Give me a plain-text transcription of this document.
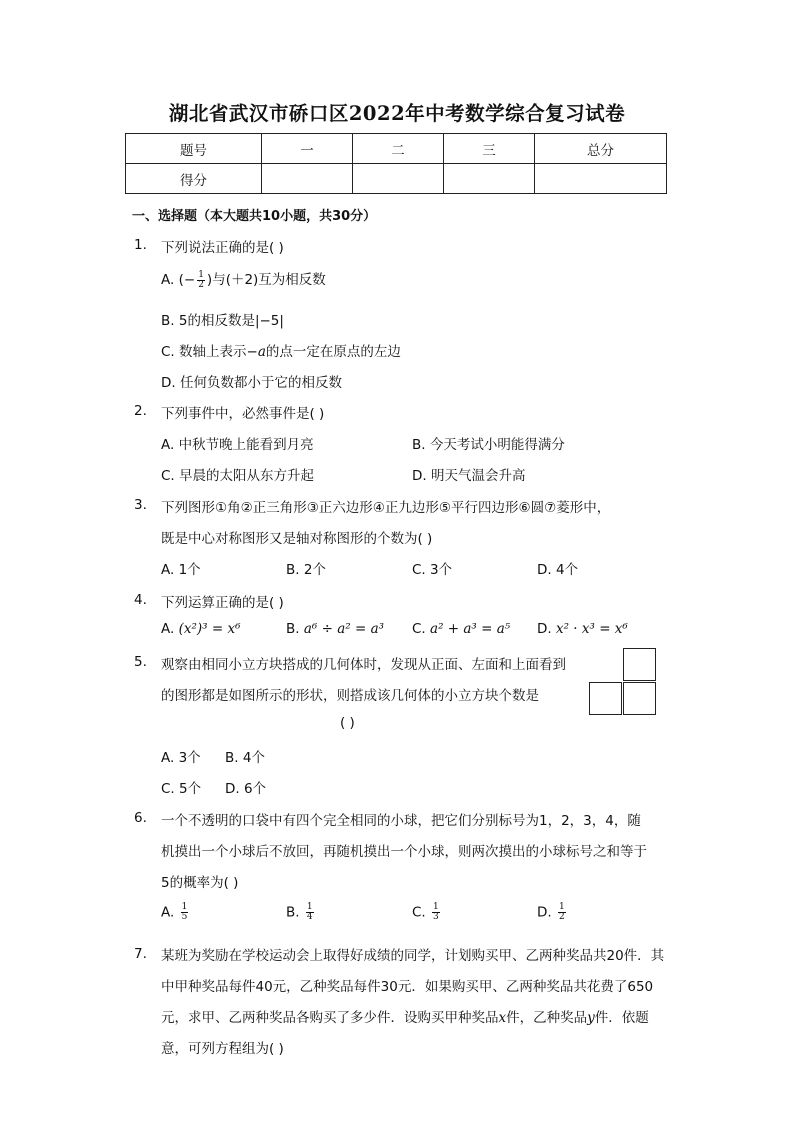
湖北省武汉市硚口区2022年中考数学综合复习试卷
题号	一	二	三	总分
得分				
一、选择题（本大题共10小题，共30分）
1. 下列说法正确的是( )
A. (− $\frac{1}{2}$ )与(＋2)互为相反数
B. 5的相反数是|−5|
C. 数轴上表示−a的点一定在原点的左边
D. 任何负数都小于它的相反数
2. 下列事件中，必然事件是( )
A. 中秋节晚上能看到月亮	B. 今天考试小明能得满分
C. 早晨的太阳从东方升起	D. 明天气温会升高
3. 下列图形①角②正三角形③正六边形④正九边形⑤平行四边形⑥圆⑦菱形中，
既是中心对称图形又是轴对称图形的个数为( )
A. 1个	B. 2个	C. 3个	D. 4个
4. 下列运算正确的是( )
A. (x²)³ = x⁶	B. a⁶ ÷ a² = a³ C. a² + a³ = a⁵ D. x² · x³ = x⁶
5. 观察由相同小立方块搭成的几何体时，发现从正面、左面和上面看到
的图形都是如图所示的形状，则搭成该几何体的小立方块个数是
( )
A. 3个 B. 4个
C. 5个 D. 6个
6. 一个不透明的口袋中有四个完全相同的小球，把它们分别标号为1，2，3，4，随
机摸出一个小球后不放回，再随机摸出一个小球，则两次摸出的小球标号之和等于
5的概率为( )
A. $\frac{1}{5}$	B. $\frac{1}{4}$	C. $\frac{1}{3}$	D. $\frac{1}{2}$
7. 某班为奖励在学校运动会上取得好成绩的同学，计划购买甲、乙两种奖品共20件．其
中甲种奖品每件40元，乙种奖品每件30元．如果购买甲、乙两种奖品共花费了650
元，求甲、乙两种奖品各购买了多少件．设购买甲种奖品x件，乙种奖品y件．依题
意，可列方程组为( )
